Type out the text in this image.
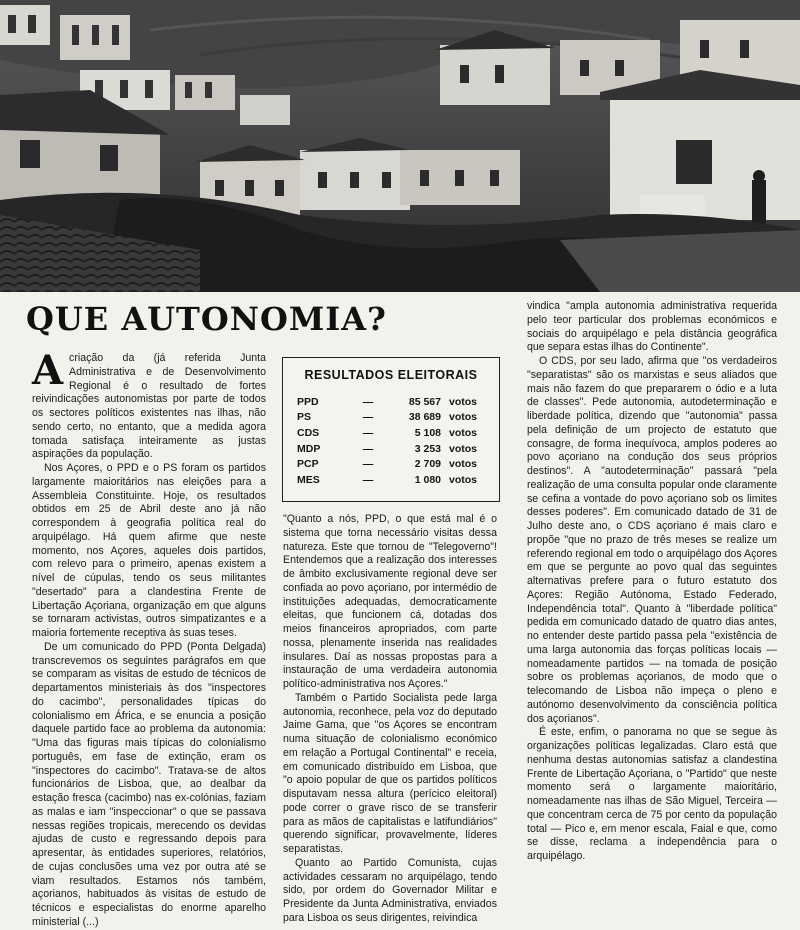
QUE AUTONOMIA?

Acriação da (já referida Junta Administrativa e de Desenvolvimento Regional é o resultado de fortes reivindicações autonomistas por parte de todos os sectores políticos existentes nas ilhas, não sendo certo, no entanto, que a medida agora tomada satisfaça inteiramente as justas aspirações da população.

Nos Açores, o PPD e o PS foram os partidos largamente maioritários nas eleições para a Assembleia Constituinte. Hoje, os resultados obtidos em 25 de Abril deste ano já não correspondem à geografia política real do arquipélago. Há quem afirme que neste momento, nos Açores, aqueles dois partidos, com relevo para o primeiro, apenas existem a nível de cúpulas, tendo os seus militantes "desertado" para a clandestina Frente de Libertação Açoriana, organização em que alguns se tornaram activistas, outros simpatizantes e a maioria fortemente receptiva às suas teses.

De um comunicado do PPD (Ponta Delgada) transcrevemos os seguintes parágrafos em que se comparam as visitas de estudo de técnicos de departamentos ministeriais às dos "inspectores do cacimbo", personalidades típicas do colonialismo em África, e se enuncia a posição daquele partido face ao problema da autonomia: "Uma das figuras mais típicas do colonialismo português, em fase de extinção, eram os "inspectores do cacimbo". Tratava-se de altos funcionários de Lisboa, que, ao dealbar da estação fresca (cacimbo) nas ex-colónias, faziam as malas e iam "inspeccionar" o que se passava nessas regiões tropicais, merecendo os devidas ajudas de custo e regressando depois para apresentar, às entidades superiores, relatórios, de cujas conclusões uma vez por outra até se viam resultados. Estamos nós também, açorianos, habituados às visitas de estudo de técnicos e especialistas do enorme aparelho ministerial (...)

RESULTADOS ELEITORAIS
PPD	—	85 567	votos
PS	—	38 689	votos
CDS	—	5 108	votos
MDP	—	3 253	votos
PCP	—	2 709	votos
MES	—	1 080	votos

"Quanto a nós, PPD, o que está mal é o sistema que torna necessário visitas dessa natureza. Este que tornou de "Telegoverno"! Entendemos que a realização dos interesses de âmbito exclusivamente regional deve ser confiada ao povo açoriano, por intermédio de instituições adequadas, democraticamente eleitas, que funcionem cá, dotadas dos meios financeiros apropriados, com parte nossa, plenamente inserida nas realidades insulares. Daí as nossas propostas para a instauração de uma verdadeira autonomia político-administrativa nos Açores."

Também o Partido Socialista pede larga autonomia, reconhece, pela voz do deputado Jaime Gama, que "os Açores se encontram numa situação de colonialismo económico em relação a Portugal Continental" e receia, em comunicado distribuído em Lisboa, que "o apoio popular de que os partidos políticos disputavam nessa altura (perícico eleitoral) pode correr o grave risco de se transferir para as mãos de capitalistas e latifundiários" querendo significar, provavelmente, líderes separatistas.

Quanto ao Partido Comunista, cujas actividades cessaram no arquipélago, tendo sido, por ordem do Governador Militar e Presidente da Junta Administrativa, enviados para Lisboa os seus dirigentes, reivindica

vindica "ampla autonomia administrativa requerida pelo teor particular dos problemas económicos e sociais do arquipélago e pela distância geográfica que separa estas ilhas do Continente".

O CDS, por seu lado, afirma que "os verdadeiros "separatistas" são os marxistas e seus aliados que mais não fazem do que prepararem o ódio e a luta de classes". Pede autonomia, autodeterminação e liberdade política, dizendo que "autonomia" passa pela definição de um projecto de estatuto que consagre, de forma inequívoca, amplos poderes ao povo açoriano na condução dos seus próprios destinos". A "autodeterminação" passará "pela realização de uma consulta popular onde claramente se cefina a vontade do povo açoriano sob os limites desses poderes". Em comunicado datado de 31 de Julho deste ano, o CDS açoriano é mais claro e propõe "que no prazo de três meses se realize um referendo regional em todo o arquipélago dos Açores em que se pergunte ao povo qual das seguintes alternativas prefere para o futuro estatuto dos Açores: Região Autónoma, Estado Federado, Independência total". Quanto à "liberdade política" pedida em comunicado datado de quatro dias antes, no entender deste partido passa pela "existência de uma larga autonomia das forças políticas locais — nomeadamente partidos — na tomada de posição sobre os problemas açorianos, de modo que o telecomando de Lisboa não impeça o pleno e autónomo desenvolvimento da consciência política dos açorianos".

É este, enfim, o panorama no que se segue às organizações políticas legalizadas. Claro está que nenhuma destas autonomias satisfaz a clandestina Frente de Libertação Açoriana, o "Partido" que neste momento será o largamente maioritário, nomeadamente nas ilhas de São Miguel, Terceira — que concentram cerca de 75 por cento da população total — Pico e, em menor escala, Faial e que, como se disse, reclama a independência para o arquipélago.
